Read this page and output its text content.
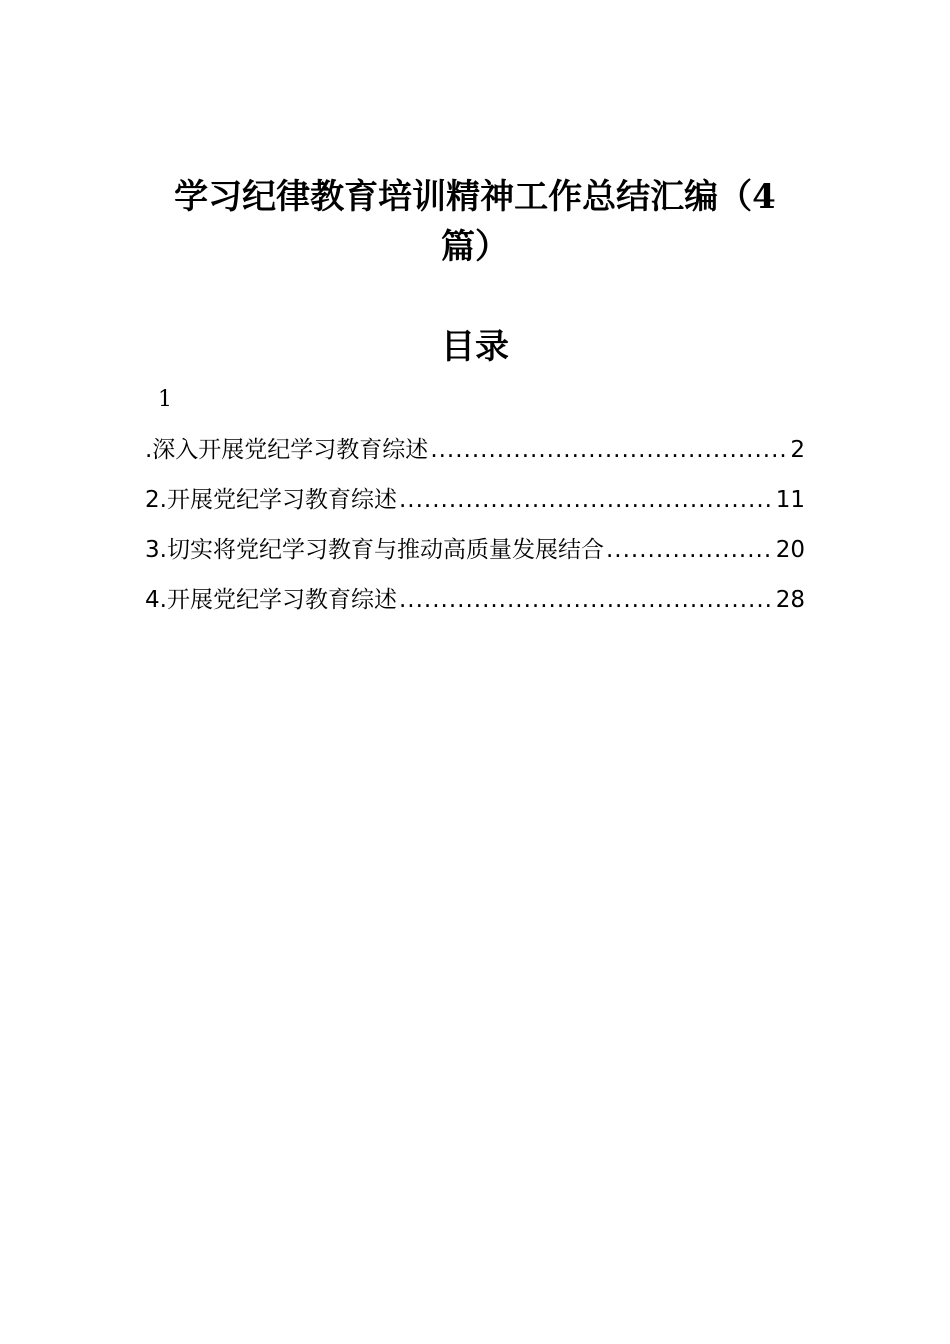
学习纪律教育培训精神工作总结汇编（4
篇）
目录
1
.深入开展党纪学习教育综述 .....	2
2.开展党纪学习教育综述 .....	11
3.切实将党纪学习教育与推动高质量发展结合 .....	20
4.开展党纪学习教育综述 .....	28
